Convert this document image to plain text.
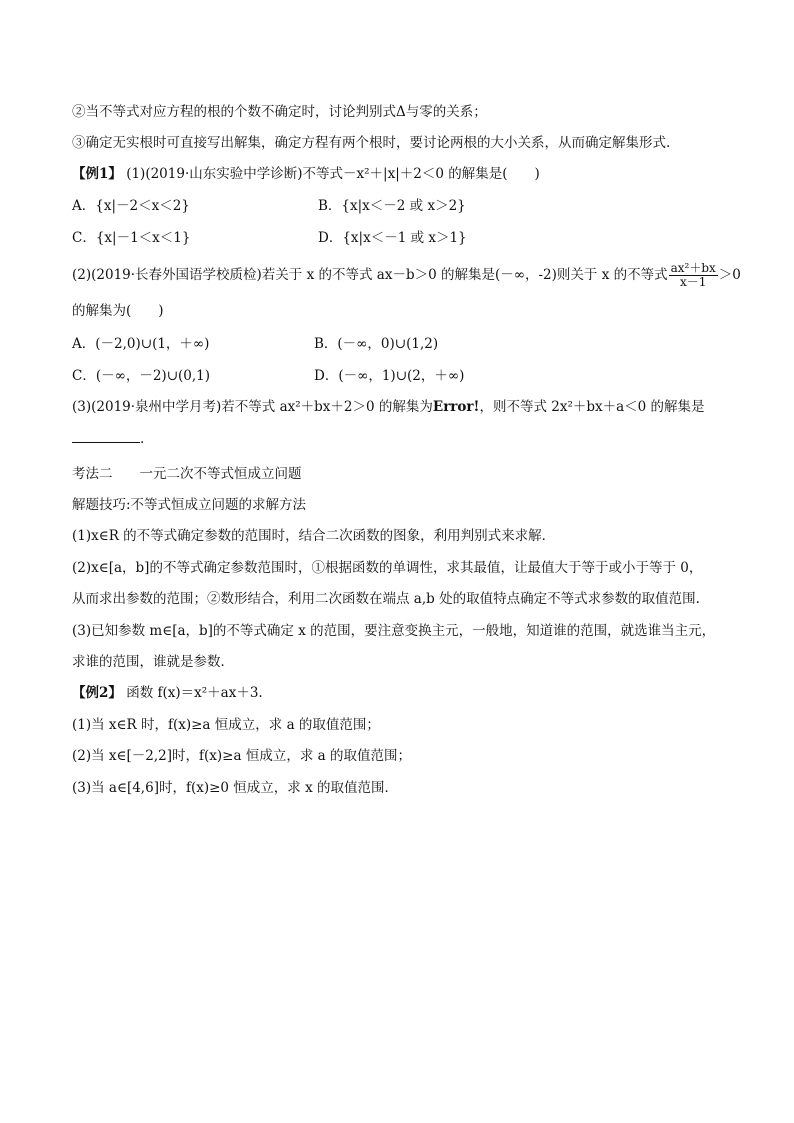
②当不等式对应方程的根的个数不确定时，讨论判别式Δ与零的关系；
③确定无实根时可直接写出解集，确定方程有两个根时，要讨论两根的大小关系，从而确定解集形式.
【例1】 (1)(2019·山东实验中学诊断)不等式－x²＋|x|＋2＜0 的解集是(　　)
A．{x|－2＜x＜2}	B．{x|x＜－2 或 x＞2}
C．{x|－1＜x＜1}	D．{x|x＜－1 或 x＞1}
(2)(2019·长春外国语学校质检)若关于 x 的不等式 ax－b＞0 的解集是(－∞，-2)则关于 x 的不等式 $\frac{\text{ax²＋bx}}{x-1} >0$
的解集为(　　)
A．(－2,0)∪(1，＋∞)	B．(－∞，0)∪(1,2)
C．(－∞，－2)∪(0,1)	D．(－∞，1)∪(2，＋∞)
(3)(2019·泉州中学月考)若不等式 ax²＋bx＋2＞0 的解集为Error!，则不等式 2x²＋bx＋a＜0 的解集是
.
考法二　　一元二次不等式恒成立问题
解题技巧:不等式恒成立问题的求解方法
(1)x∈R 的不等式确定参数的范围时，结合二次函数的图象，利用判别式来求解．
(2)x∈[a，b]的不等式确定参数范围时，①根据函数的单调性，求其最值，让最值大于等于或小于等于 0，
从而求出参数的范围；②数形结合，利用二次函数在端点 a,b 处的取值特点确定不等式求参数的取值范围.
(3)已知参数 m∈[a，b]的不等式确定 x 的范围，要注意变换主元，一般地，知道谁的范围，就选谁当主元，
求谁的范围，谁就是参数．
【例2】 函数 f(x)＝x²＋ax＋3.
(1)当 x∈R 时，f(x)≥a 恒成立，求 a 的取值范围；
(2)当 x∈[－2,2]时，f(x)≥a 恒成立，求 a 的取值范围；
(3)当 a∈[4,6]时，f(x)≥0 恒成立，求 x 的取值范围．
